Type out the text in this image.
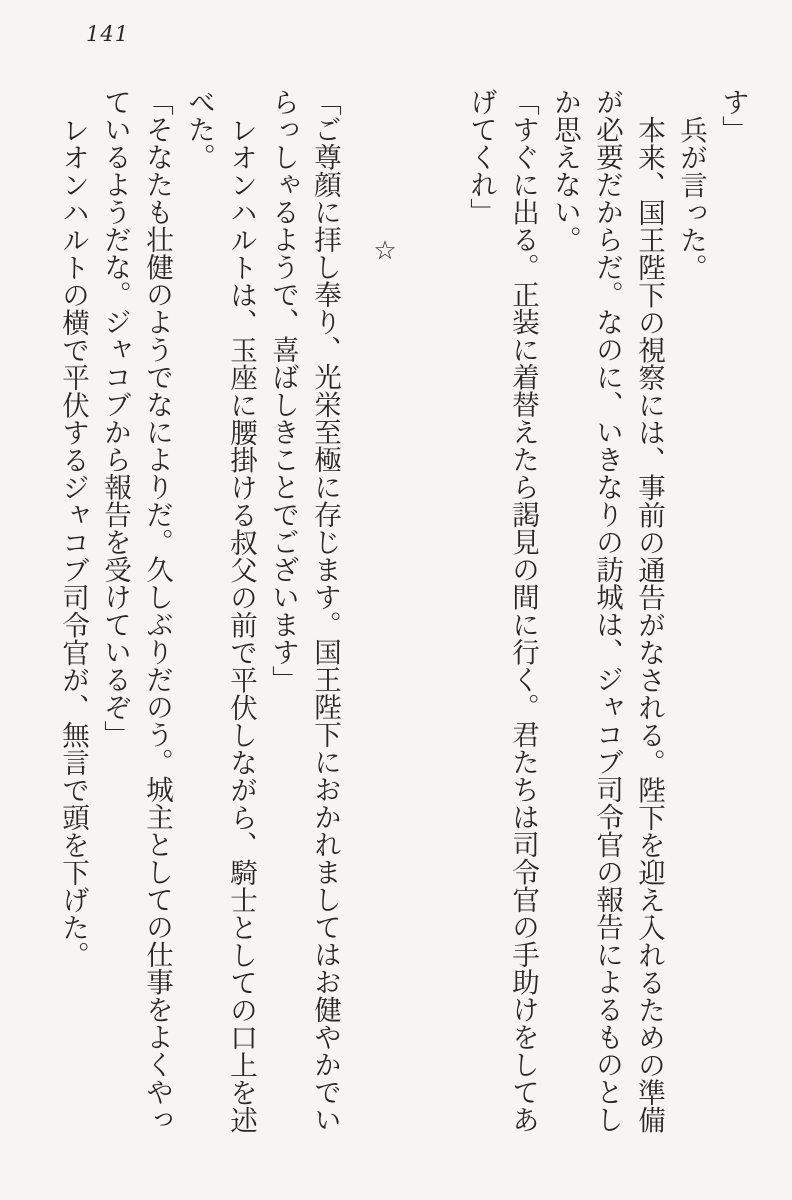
141

す」

兵が言った。

本来、国王陛下の視察には、事前の通告がなされる。陛下を迎え入れるための準備が必要だからだ。なのに、いきなりの訪城は、ジャコブ司令官の報告によるものとしか思えない。

「すぐに出る。正装に着替えたら謁見の間に行く。君たちは司令官の手助けをしてあげてくれ」

☆

「ご尊顔に拝し奉り、光栄至極に存じます。国王陛下におかれましてはお健やかでいらっしゃるようで、喜ばしきことでございます」

レオンハルトは、玉座に腰掛ける叔父の前で平伏しながら、騎士としての口上を述べた。

「そなたも壮健のようでなによりだ。久しぶりだのう。城主としての仕事をよくやっているようだな。ジャコブから報告を受けているぞ」

レオンハルトの横で平伏するジャコブ司令官が、無言で頭を下げた。
